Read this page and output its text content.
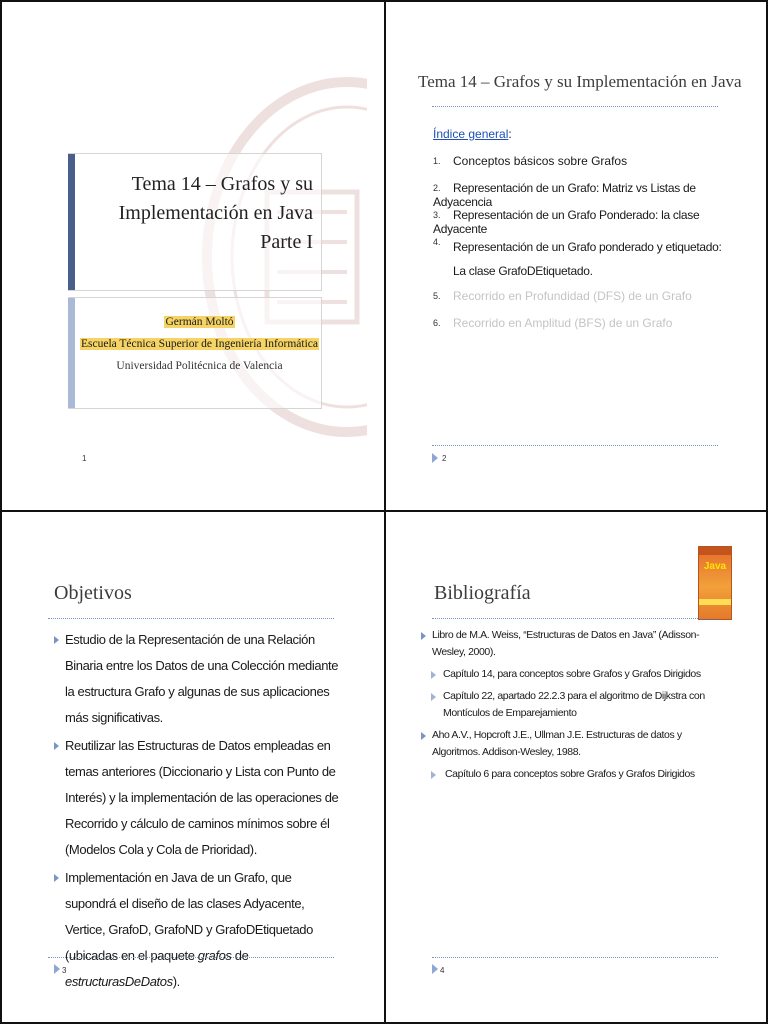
Tema 14 – Grafos y su
Implementación en Java
Parte I
Germán Moltó
Escuela Técnica Superior de Ingeniería Informática
Universidad Politécnica de Valencia
1
Tema 14 – Grafos y su Implementación en Java
Índice general:
1. Conceptos básicos sobre Grafos
2. Representación de un Grafo: Matriz vs Listas de Adyacencia
3. Representación de un Grafo Ponderado: la clase Adyacente
4. Representación de un Grafo ponderado y etiquetado: La clase GrafoDEtiquetado.
5. Recorrido en Profundidad (DFS) de un Grafo
6. Recorrido en Amplitud (BFS) de un Grafo
2
Objetivos
Estudio de la Representación de una Relación Binaria entre los Datos de una Colección mediante la estructura Grafo y algunas de sus aplicaciones más significativas.
Reutilizar las Estructuras de Datos empleadas en temas anteriores (Diccionario y Lista con Punto de Interés) y la implementación de las operaciones de Recorrido y cálculo de caminos mínimos sobre él (Modelos Cola y Cola de Prioridad).
Implementación en Java de un Grafo, que supondrá el diseño de las clases Adyacente, Vertice, GrafoD, GrafoND y GrafoDEtiquetado (ubicadas en el paquete grafos de estructurasDeDatos).
3
Bibliografía
Java
Libro de M.A. Weiss, “Estructuras de Datos en Java” (Adisson-Wesley, 2000).
Capítulo 14, para conceptos sobre Grafos y Grafos Dirigidos
Capítulo 22, apartado 22.2.3 para el algoritmo de Dijkstra con Montículos de Emparejamiento
Aho A.V., Hopcroft J.E., Ullman J.E. Estructuras de datos y Algoritmos. Addison-Wesley, 1988.
Capítulo 6 para conceptos sobre Grafos y Grafos Dirigidos
4
